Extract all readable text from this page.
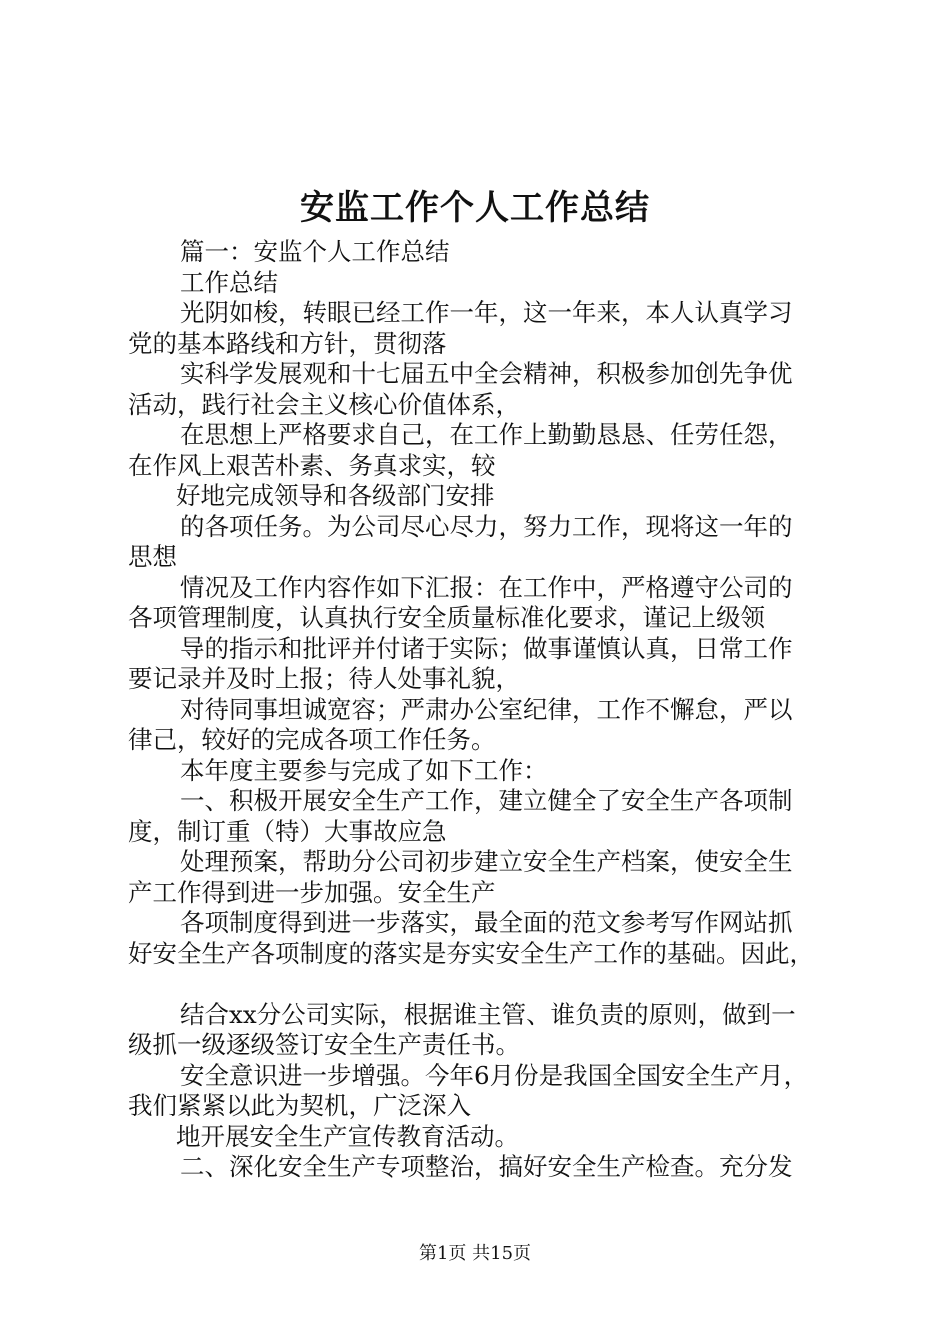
安监工作个人工作总结
篇一：安监个人工作总结
工作总结
光阴如梭，转眼已经工作一年，这一年来，本人认真学习
党的基本路线和方针，贯彻落
实科学发展观和十七届五中全会精神，积极参加创先争优
活动，践行社会主义核心价值体系，
在思想上严格要求自己，在工作上勤勤恳恳、任劳任怨，
在作风上艰苦朴素、务真求实，较
好地完成领导和各级部门安排
的各项任务。为公司尽心尽力，努力工作，现将这一年的
思想
情况及工作内容作如下汇报：在工作中，严格遵守公司的
各项管理制度，认真执行安全质量标准化要求，谨记上级领
导的指示和批评并付诸于实际；做事谨慎认真，日常工作
要记录并及时上报；待人处事礼貌，
对待同事坦诚宽容；严肃办公室纪律，工作不懈怠，严以
律己，较好的完成各项工作任务。
本年度主要参与完成了如下工作：
一、积极开展安全生产工作，建立健全了安全生产各项制
度，制订重（特）大事故应急
处理预案，帮助分公司初步建立安全生产档案，使安全生
产工作得到进一步加强。安全生产
各项制度得到进一步落实，最全面的范文参考写作网站抓
好安全生产各项制度的落实是夯实安全生产工作的基础。因此，
结合xx分公司实际，根据谁主管、谁负责的原则，做到一
级抓一级逐级签订安全生产责任书。
安全意识进一步增强。今年6月份是我国全国安全生产月，
我们紧紧以此为契机，广泛深入
地开展安全生产宣传教育活动。
二、深化安全生产专项整治，搞好安全生产检查。充分发
第1页 共15页
